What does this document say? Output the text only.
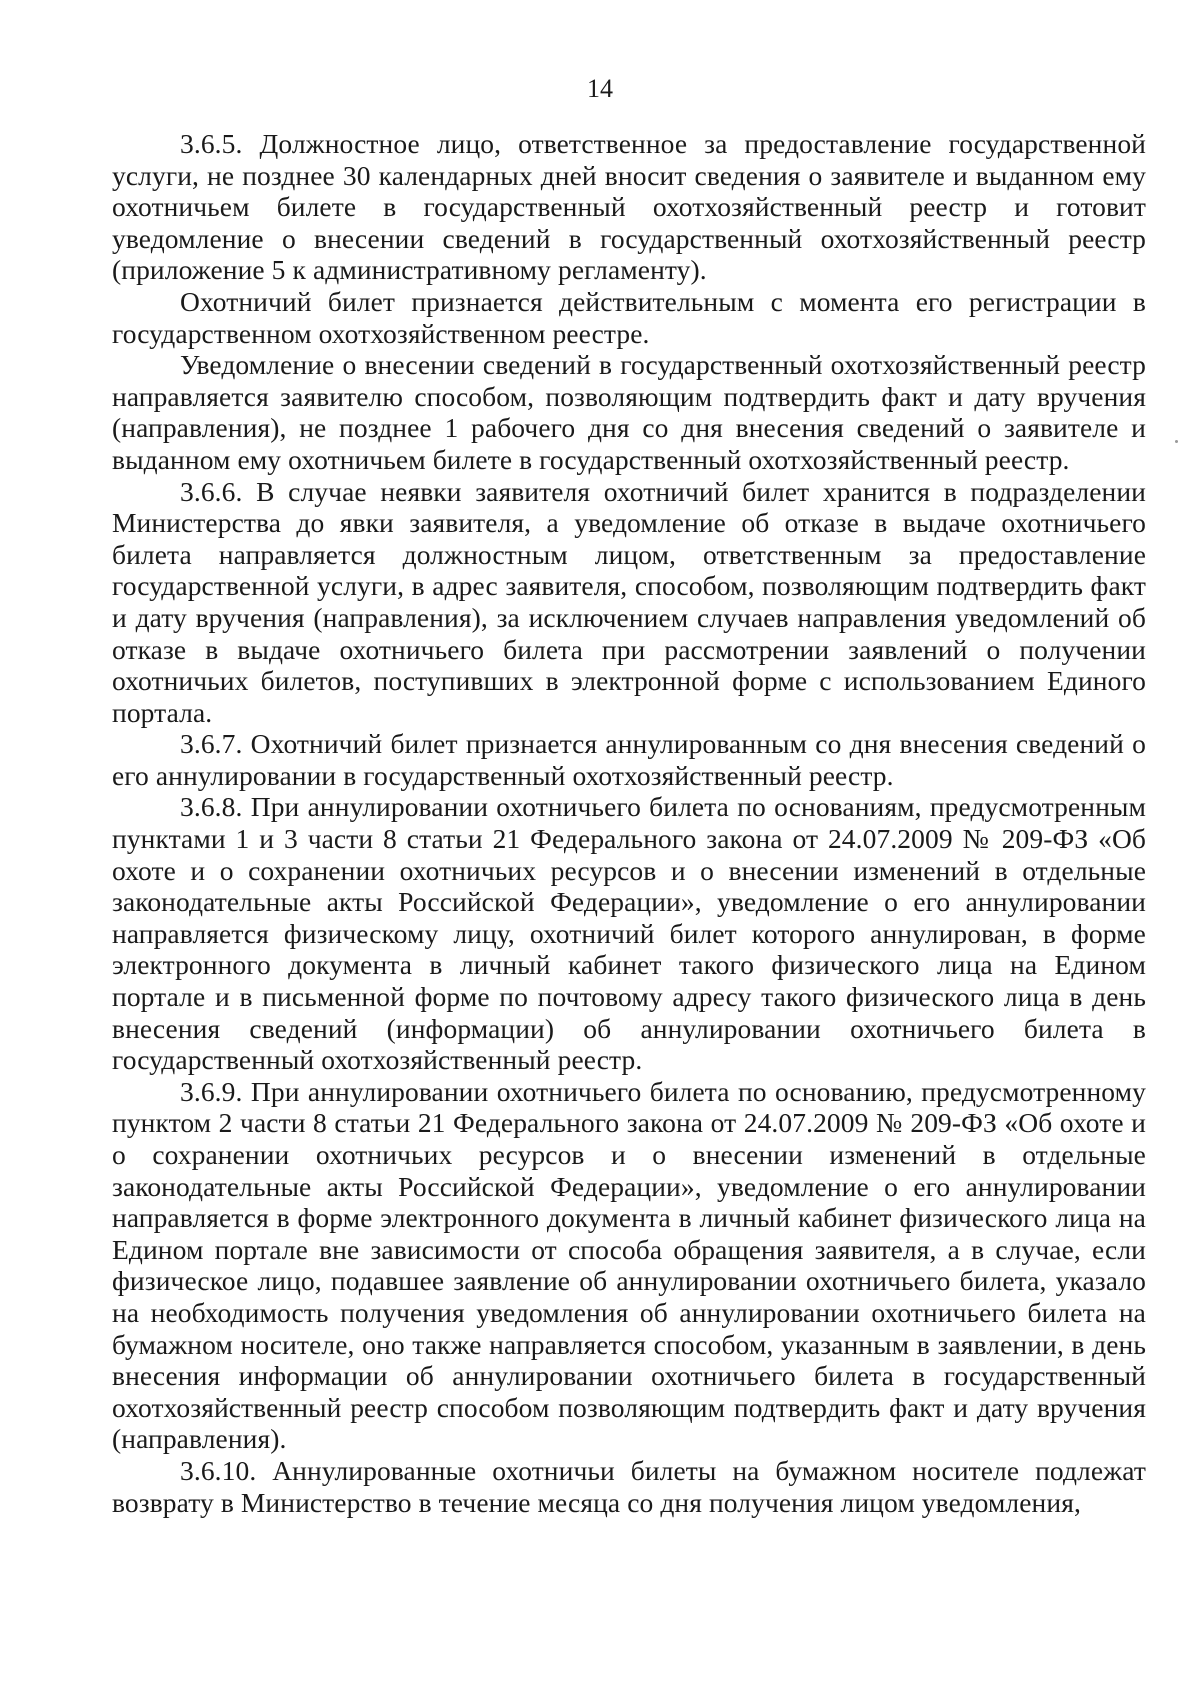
14

3.6.5. Должностное лицо, ответственное за предоставление государственной услуги, не позднее 30 календарных дней вносит сведения о заявителе и выданном ему охотничьем билете в государственный охотхозяйственный реестр и готовит уведомление о внесении сведений в государственный охотхозяйственный реестр (приложение 5 к административному регламенту).

Охотничий билет признается действительным с момента его регистрации в государственном охотхозяйственном реестре.

Уведомление о внесении сведений в государственный охотхозяйственный реестр направляется заявителю способом, позволяющим подтвердить факт и дату вручения (направления), не позднее 1 рабочего дня со дня внесения сведений о заявителе и выданном ему охотничьем билете в государственный охотхозяйственный реестр.

3.6.6. В случае неявки заявителя охотничий билет хранится в подразделении Министерства до явки заявителя, а уведомление об отказе в выдаче охотничьего билета направляется должностным лицом, ответственным за предоставление государственной услуги, в адрес заявителя, способом, позволяющим подтвердить факт и дату вручения (направления), за исключением случаев направления уведомлений об отказе в выдаче охотничьего билета при рассмотрении заявлений о получении охотничьих билетов, поступивших в электронной форме с использованием Единого портала.

3.6.7. Охотничий билет признается аннулированным со дня внесения сведений о его аннулировании в государственный охотхозяйственный реестр.

3.6.8. При аннулировании охотничьего билета по основаниям, предусмотренным пунктами 1 и 3 части 8 статьи 21 Федерального закона от 24.07.2009 № 209-ФЗ «Об охоте и о сохранении охотничьих ресурсов и о внесении изменений в отдельные законодательные акты Российской Федерации», уведомление о его аннулировании направляется физическому лицу, охотничий билет которого аннулирован, в форме электронного документа в личный кабинет такого физического лица на Едином портале и в письменной форме по почтовому адресу такого физического лица в день внесения сведений (информации) об аннулировании охотничьего билета в государственный охотхозяйственный реестр.

3.6.9. При аннулировании охотничьего билета по основанию, предусмотренному пунктом 2 части 8 статьи 21 Федерального закона от 24.07.2009 № 209-ФЗ «Об охоте и о сохранении охотничьих ресурсов и о внесении изменений в отдельные законодательные акты Российской Федерации», уведомление о его аннулировании направляется в форме электронного документа в личный кабинет физического лица на Едином портале вне зависимости от способа обращения заявителя, а в случае, если физическое лицо, подавшее заявление об аннулировании охотничьего билета, указало на необходимость получения уведомления об аннулировании охотничьего билета на бумажном носителе, оно также направляется способом, указанным в заявлении, в день внесения информации об аннулировании охотничьего билета в государственный охотхозяйственный реестр способом позволяющим подтвердить факт и дату вручения (направления).

3.6.10. Аннулированные охотничьи билеты на бумажном носителе подлежат возврату в Министерство в течение месяца со дня получения лицом уведомления,
